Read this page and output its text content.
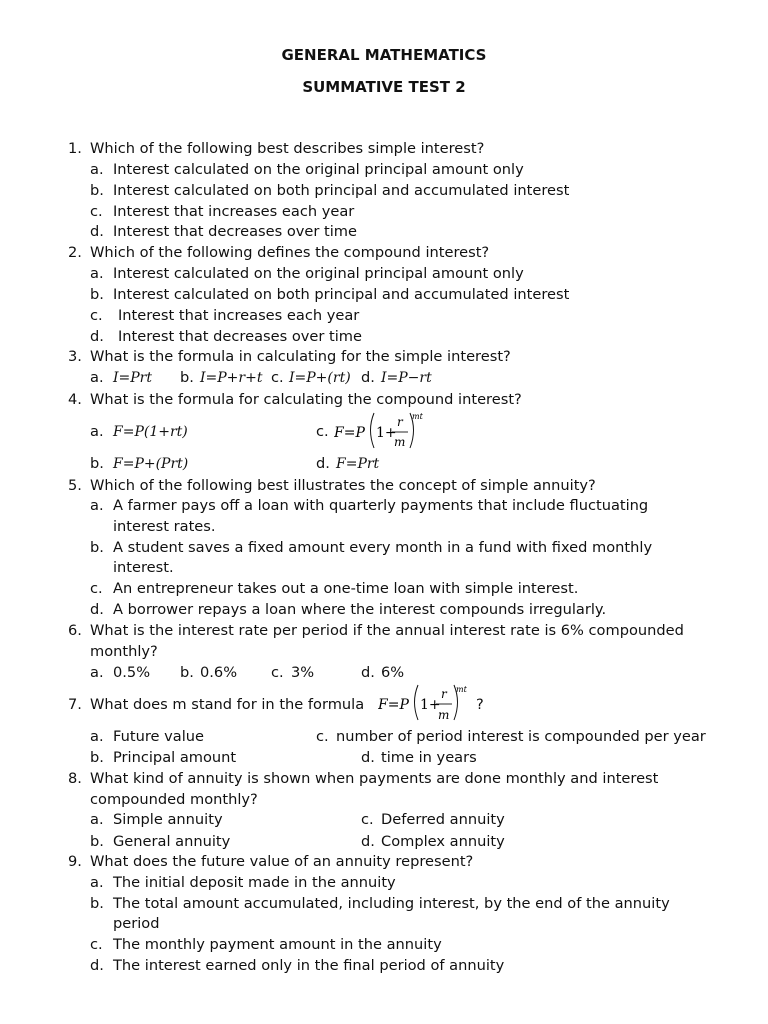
GENERAL MATHEMATICS
SUMMATIVE TEST 2
1. Which of the following best describes simple interest?
a. Interest calculated on the original principal amount only
b. Interest calculated on both principal and accumulated interest
c. Interest that increases each year
d. Interest that decreases over time
2. Which of the following defines the compound interest?
a. Interest calculated on the original principal amount only
b. Interest calculated on both principal and accumulated interest
c. Interest that increases each year
d. Interest that decreases over time
3. What is the formula in calculating for the simple interest?
a. I=Prt b. I=P+r+t c. I=P+(rt) d. I=P−rt
4. What is the formula for calculating the compound interest?
a. F=P(1+rt)	c. F=P 1+
r
m
mt
b. F=P+(Prt)	d. F=Prt
5. Which of the following best illustrates the concept of simple annuity?
a. A farmer pays off a loan with quarterly payments that include fluctuating
interest rates.
b. A student saves a fixed amount every month in a fund with fixed monthly
interest.
c. An entrepreneur takes out a one-time loan with simple interest.
d. A borrower repays a loan where the interest compounds irregularly.
6. What is the interest rate per period if the annual interest rate is 6% compounded
monthly?
a. 0.5% b. 0.6% c. 3%	d. 6%
7. What does m stand for in the formula F=P 1+
r
m
mt
?
a. Future value	c. number of period interest is compounded per year
b. Principal amount	d. time in years
8. What kind of annuity is shown when payments are done monthly and interest
compounded monthly?
a. Simple annuity	c. Deferred annuity
b. General annuity	d. Complex annuity
9. What does the future value of an annuity represent?
a. The initial deposit made in the annuity
b. The total amount accumulated, including interest, by the end of the annuity
period
c. The monthly payment amount in the annuity
d. The interest earned only in the final period of annuity
